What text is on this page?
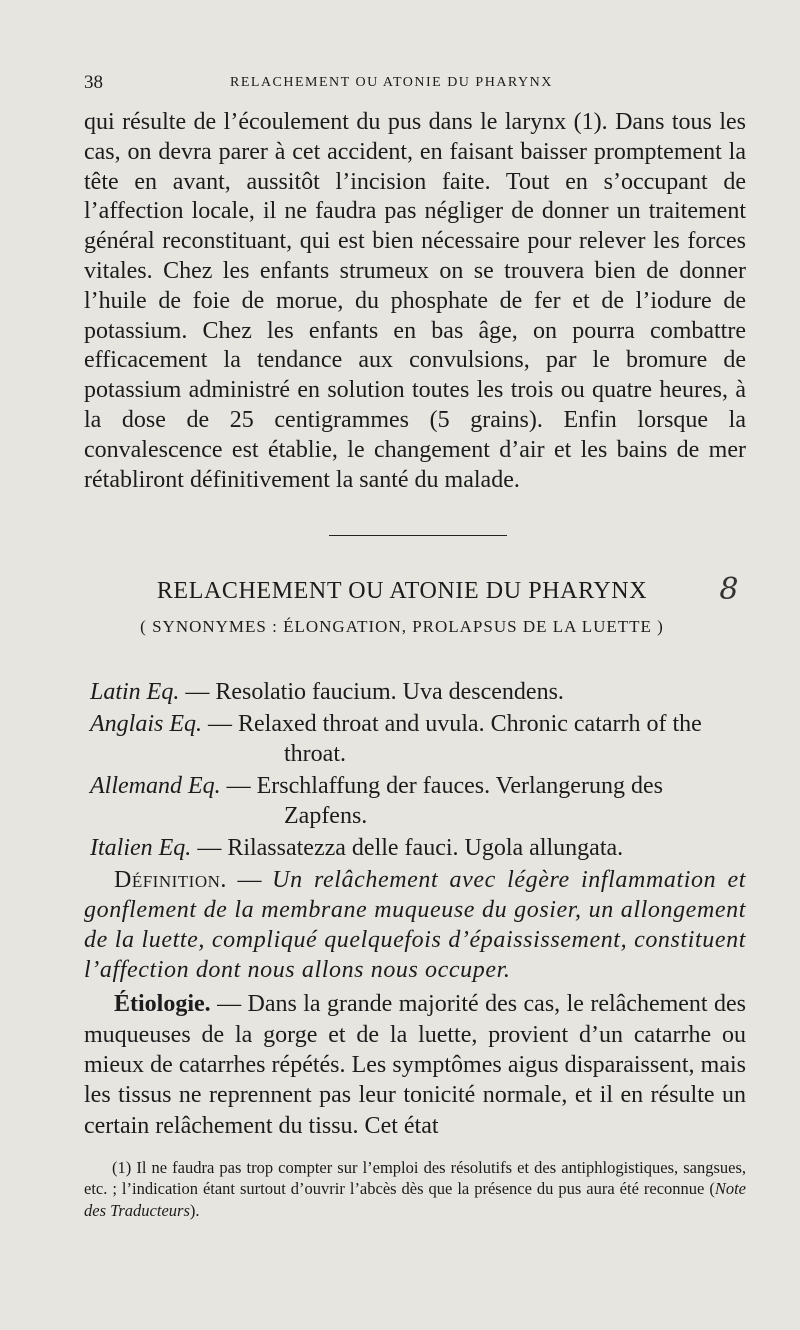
38	RELACHEMENT OU ATONIE DU PHARYNX

qui résulte de l’écoulement du pus dans le larynx (1). Dans tous les cas, on devra parer à cet accident, en faisant baisser promptement la tête en avant, aussitôt l’incision faite. Tout en s’occupant de l’affection locale, il ne faudra pas négliger de donner un traitement général reconstituant, qui est bien nécessaire pour relever les forces vitales. Chez les enfants strumeux on se trouvera bien de donner l’huile de foie de morue, du phosphate de fer et de l’iodure de potassium. Chez les enfants en bas âge, on pourra combattre efficacement la tendance aux convulsions, par le bromure de potassium administré en solution toutes les trois ou quatre heures, à la dose de 25 centigrammes (5 grains). Enfin lorsque la convalescence est établie, le changement d’air et les bains de mer rétabliront définitivement la santé du malade.

RELACHEMENT OU ATONIE DU PHARYNX 8
( SYNONYMES : ÉLONGATION, PROLAPSUS DE LA LUETTE )

Latin Eq. — Resolatio faucium. Uva descendens.

Anglais Eq. — Relaxed throat and uvula. Chronic catarrh of the throat.

Allemand Eq. — Erschlaffung der fauces. Verlangerung des Zapfens.

Italien Eq. — Rilassatezza delle fauci. Ugola allungata.

Définition. — Un relâchement avec légère inflammation et gonflement de la membrane muqueuse du gosier, un allongement de la luette, compliqué quelquefois d’épaississement, constituent l’affection dont nous allons nous occuper.

Étiologie. — Dans la grande majorité des cas, le relâchement des muqueuses de la gorge et de la luette, provient d’un catarrhe ou mieux de catarrhes répétés. Les symptômes aigus disparaissent, mais les tissus ne reprennent pas leur tonicité normale, et il en résulte un certain relâchement du tissu. Cet état

(1) Il ne faudra pas trop compter sur l’emploi des résolutifs et des antiphlogistiques, sangsues, etc. ; l’indication étant surtout d’ouvrir l’abcès dès que la présence du pus aura été reconnue (Note des Traducteurs).
